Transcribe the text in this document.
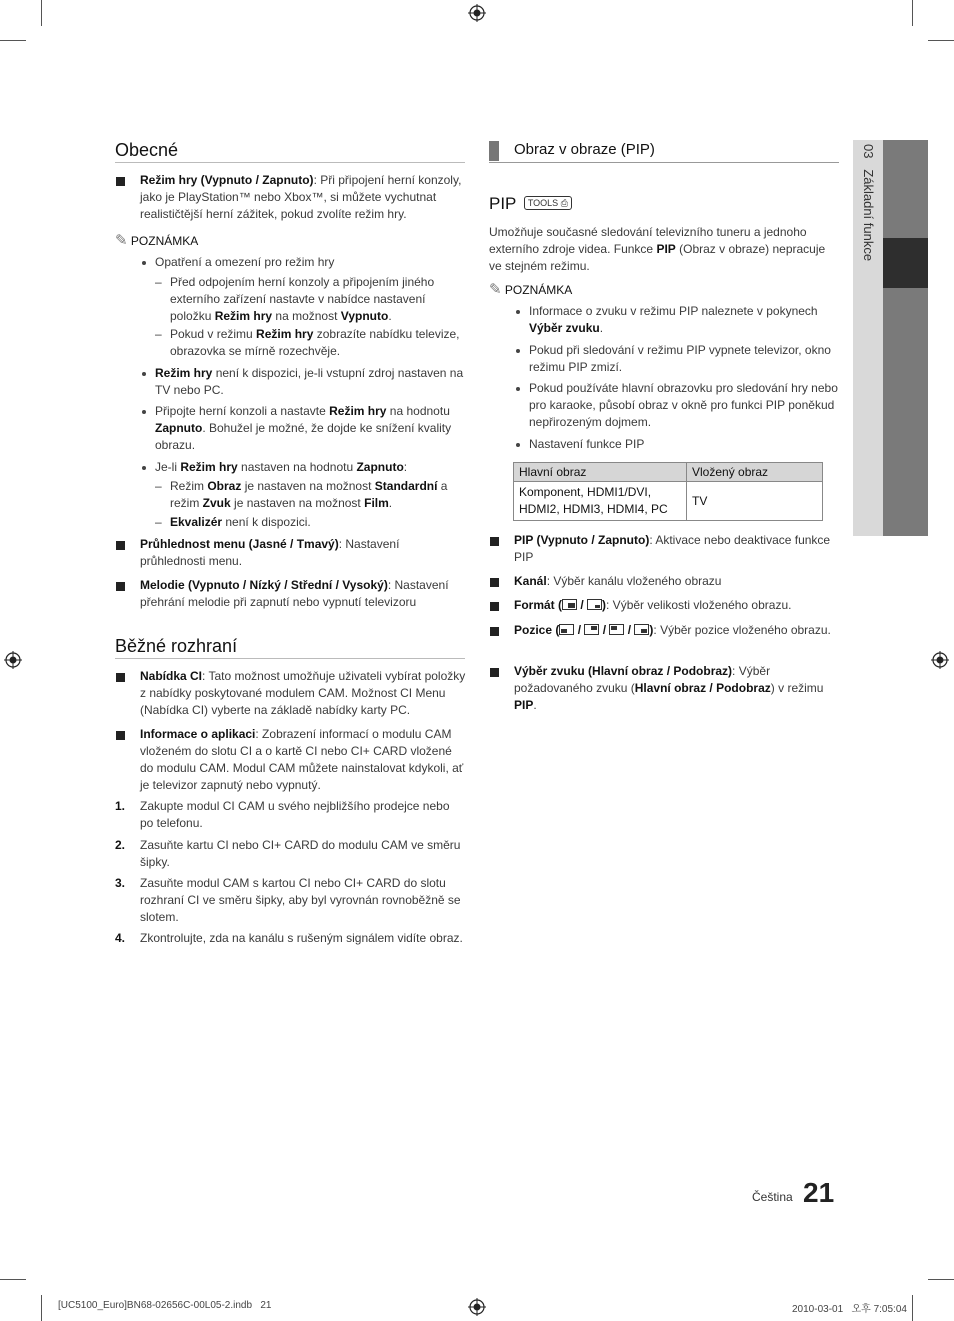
Obecné
Režim hry (Vypnuto / Zapnuto): Při připojení herní konzoly, jako je PlayStation™ nebo Xbox™, si můžete vychutnat realističtější herní zážitek, pokud zvolíte režim hry.
✎ POZNÁMKA
Opatření a omezení pro režim hry
– Před odpojením herní konzoly a připojením jiného externího zařízení nastavte v nabídce nastavení položku Režim hry na možnost Vypnuto.
– Pokud v režimu Režim hry zobrazíte nabídku televize, obrazovka se mírně rozechvěje.
Režim hry není k dispozici, je-li vstupní zdroj nastaven na TV nebo PC.
Připojte herní konzoli a nastavte Režim hry na hodnotu Zapnuto. Bohužel je možné, že dojde ke snížení kvality obrazu.
Je-li Režim hry nastaven na hodnotu Zapnuto:
– Režim Obraz je nastaven na možnost Standardní a režim Zvuk je nastaven na možnost Film.
– Ekvalizér není k dispozici.
Průhlednost menu (Jasné / Tmavý): Nastavení průhlednosti menu.
Melodie (Vypnuto / Nízký / Střední / Vysoký): Nastavení přehrání melodie při zapnutí nebo vypnutí televizoru
Běžné rozhraní
Nabídka CI: Tato možnost umožňuje uživateli vybírat položky z nabídky poskytované modulem CAM. Možnost CI Menu (Nabídka CI) vyberte na základě nabídky karty PC.
Informace o aplikaci: Zobrazení informací o modulu CAM vloženém do slotu CI a o kartě CI nebo CI+ CARD vložené do modulu CAM. Modul CAM můžete nainstalovat kdykoli, ať je televizor zapnutý nebo vypnutý.
1. Zakupte modul CI CAM u svého nejbližšího prodejce nebo po telefonu.
2. Zasuňte kartu CI nebo CI+ CARD do modulu CAM ve směru šipky.
3. Zasuňte modul CAM s kartou CI nebo CI+ CARD do slotu rozhraní CI ve směru šipky, aby byl vyrovnán rovnoběžně se slotem.
4. Zkontrolujte, zda na kanálu s rušeným signálem vidíte obraz.
Obraz v obraze (PIP)
PIP TOOLS ⎙
Umožňuje současné sledování televizního tuneru a jednoho externího zdroje videa. Funkce PIP (Obraz v obraze) nepracuje ve stejném režimu.
✎ POZNÁMKA
Informace o zvuku v režimu PIP naleznete v pokynech Výběr zvuku.
Pokud při sledování v režimu PIP vypnete televizor, okno režimu PIP zmizí.
Pokud používáte hlavní obrazovku pro sledování hry nebo pro karaoke, působí obraz v okně pro funkci PIP poněkud nepřirozeným dojmem.
Nastavení funkce PIP
Hlavní obraz	Vložený obraz
Komponent, HDMI1/DVI, HDMI2, HDMI3, HDMI4, PC	TV
PIP (Vypnuto / Zapnuto): Aktivace nebo deaktivace funkce PIP
Kanál: Výběr kanálu vloženého obrazu
Formát (
/
): Výběr velikosti vloženého obrazu.
Pozice (
/
/
/
): Výběr pozice vloženého obrazu.
Výběr zvuku (Hlavní obraz / Podobraz): Výběr požadovaného zvuku (Hlavní obraz / Podobraz) v režimu PIP.
03   Základní funkce
Čeština 21
[UC5100_Euro]BN68-02656C-00L05-2.indb   21	2010-03-01   오후 7:05:04
